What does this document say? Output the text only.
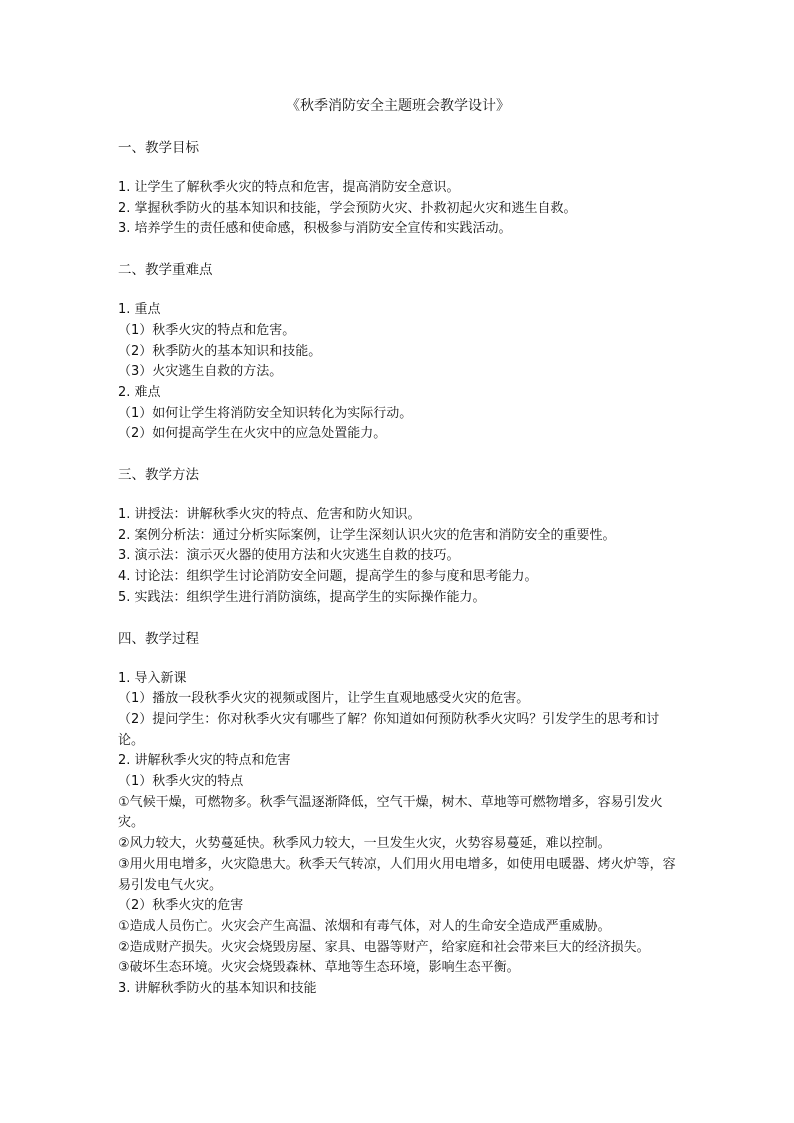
《秋季消防安全主题班会教学设计》
一、教学目标
1. 让学生了解秋季火灾的特点和危害，提高消防安全意识。
2. 掌握秋季防火的基本知识和技能，学会预防火灾、扑救初起火灾和逃生自救。
3. 培养学生的责任感和使命感，积极参与消防安全宣传和实践活动。
二、教学重难点
1. 重点
（1）秋季火灾的特点和危害。
（2）秋季防火的基本知识和技能。
（3）火灾逃生自救的方法。
2. 难点
（1）如何让学生将消防安全知识转化为实际行动。
（2）如何提高学生在火灾中的应急处置能力。
三、教学方法
1. 讲授法：讲解秋季火灾的特点、危害和防火知识。
2. 案例分析法：通过分析实际案例，让学生深刻认识火灾的危害和消防安全的重要性。
3. 演示法：演示灭火器的使用方法和火灾逃生自救的技巧。
4. 讨论法：组织学生讨论消防安全问题，提高学生的参与度和思考能力。
5. 实践法：组织学生进行消防演练，提高学生的实际操作能力。
四、教学过程
1. 导入新课
（1）播放一段秋季火灾的视频或图片，让学生直观地感受火灾的危害。
（2）提问学生：你对秋季火灾有哪些了解？你知道如何预防秋季火灾吗？引发学生的思考和讨论。
2. 讲解秋季火灾的特点和危害
（1）秋季火灾的特点
①气候干燥，可燃物多。秋季气温逐渐降低，空气干燥，树木、草地等可燃物增多，容易引发火灾。
②风力较大，火势蔓延快。秋季风力较大，一旦发生火灾，火势容易蔓延，难以控制。
③用火用电增多，火灾隐患大。秋季天气转凉，人们用火用电增多，如使用电暖器、烤火炉等，容易引发电气火灾。
（2）秋季火灾的危害
①造成人员伤亡。火灾会产生高温、浓烟和有毒气体，对人的生命安全造成严重威胁。
②造成财产损失。火灾会烧毁房屋、家具、电器等财产，给家庭和社会带来巨大的经济损失。
③破坏生态环境。火灾会烧毁森林、草地等生态环境，影响生态平衡。
3. 讲解秋季防火的基本知识和技能
